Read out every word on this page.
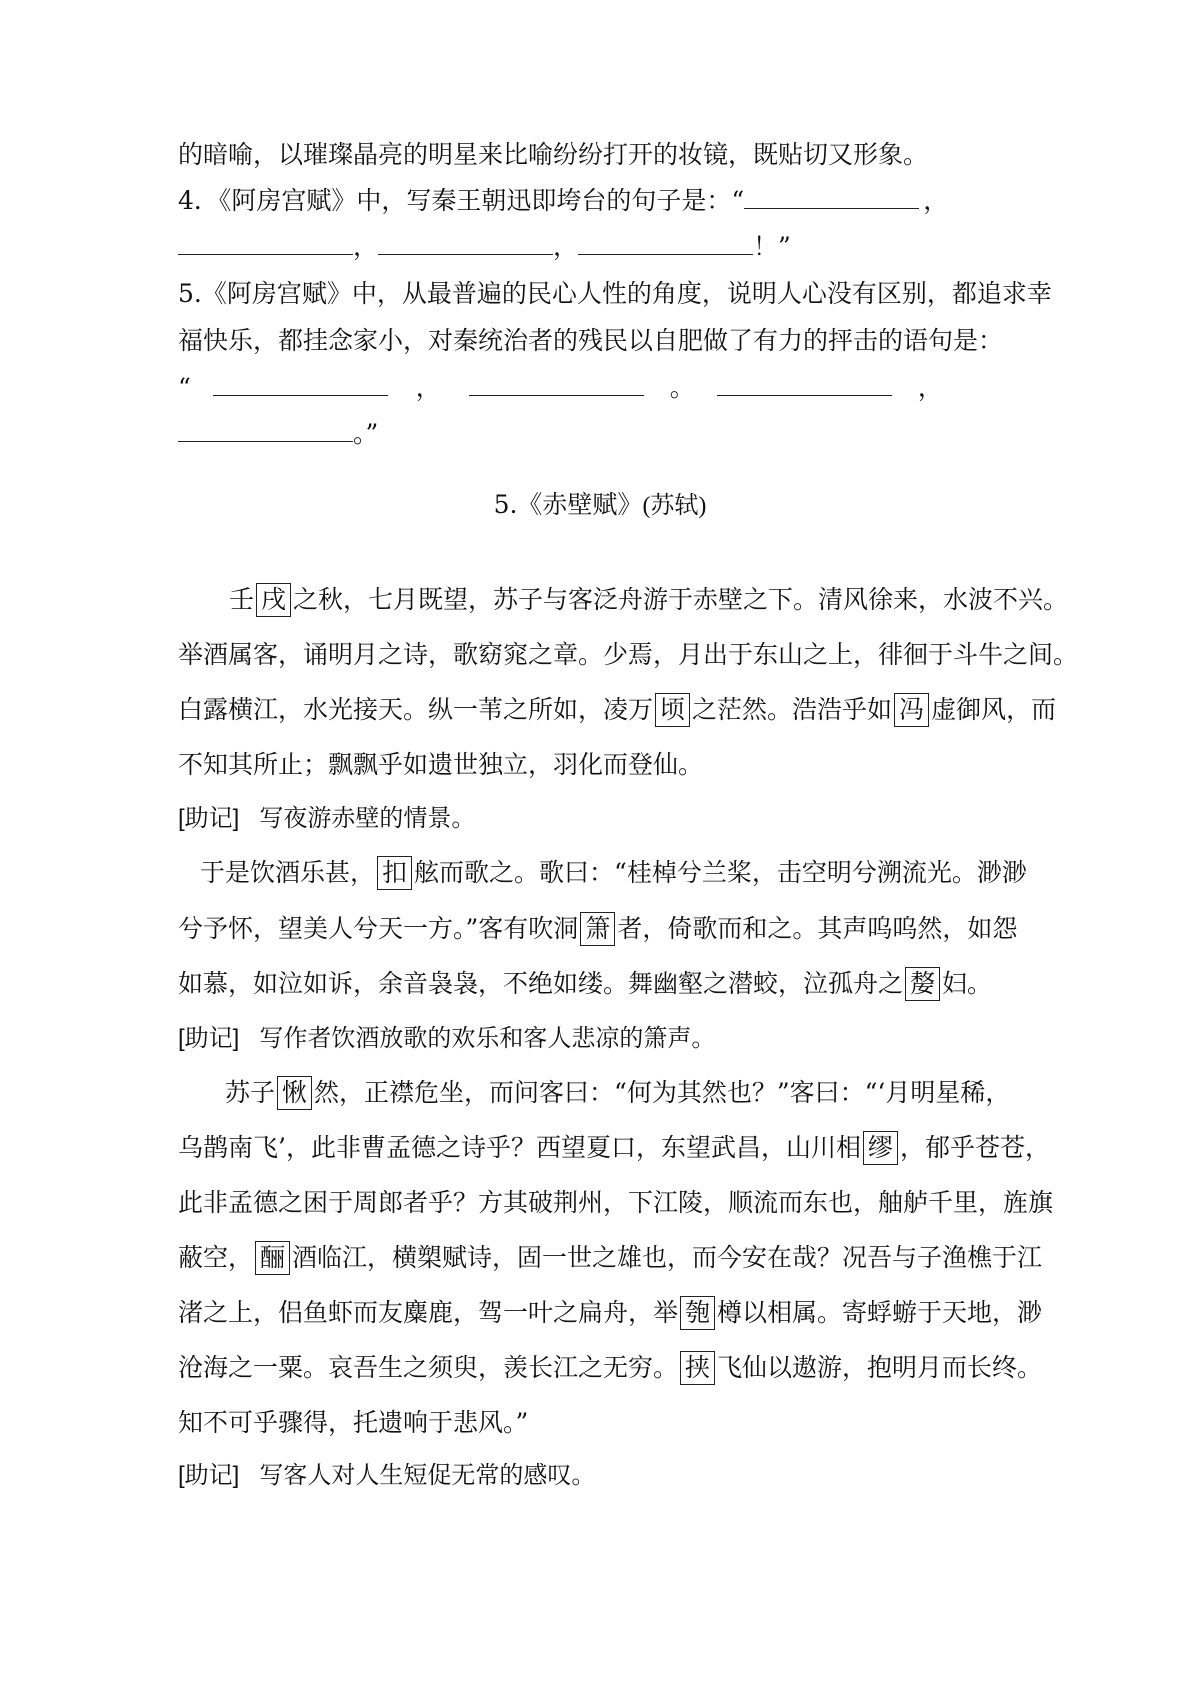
的暗喻，以璀璨晶亮的明星来比喻纷纷打开的妆镜，既贴切又形象。
4．《阿房宫赋》中，写秦王朝迅即垮台的句子是：“	，
，	，	！”
5.《阿房宫赋》中，从最普遍的民心人性的角度，说明人心没有区别，都追求幸
福快乐，都挂念家小，对秦统治者的残民以自肥做了有力的抨击的语句是：
“	，	。	，
。”
5.《赤壁赋》(苏轼)
壬 戌 之秋，七月既望，苏子与客泛舟游于赤壁之下。清风徐来，水波不兴。
举酒属客，诵明月之诗，歌窈窕之章。少焉，月出于东山之上，徘徊于斗牛之间。
白露横江，水光接天。纵一苇之所如，凌万 顷 之茫然。浩浩乎如 冯 虚御风，而
不知其所止；飘飘乎如遗世独立，羽化而登仙。
[助记] 写夜游赤壁的情景。
于是饮酒乐甚， 扣 舷而歌之。歌曰：“桂棹兮兰桨，击空明兮溯流光。渺渺
兮予怀，望美人兮天一方。”客有吹洞 箫 者，倚歌而和之。其声呜呜然，如怨
如慕，如泣如诉，余音袅袅，不绝如缕。舞幽壑之潜蛟，泣孤舟之 嫠 妇。
[助记] 写作者饮酒放歌的欢乐和客人悲凉的箫声。
苏子 愀 然，正襟危坐，而问客曰：“何为其然也？”客曰：“‘月明星稀，
乌鹊南飞’，此非曹孟德之诗乎？西望夏口，东望武昌，山川相 缪 ，郁乎苍苍，
此非孟德之困于周郎者乎？方其破荆州，下江陵，顺流而东也，舳舻千里，旌旗
蔽空， 酾 酒临江，横槊赋诗，固一世之雄也，而今安在哉？况吾与子渔樵于江
渚之上，侣鱼虾而友麋鹿，驾一叶之扁舟，举 匏 樽以相属。寄蜉蝣于天地，渺
沧海之一粟。哀吾生之须臾，羡长江之无穷。 挟 飞仙以遨游，抱明月而长终。
知不可乎骤得，托遗响于悲风。”
[助记] 写客人对人生短促无常的感叹。
